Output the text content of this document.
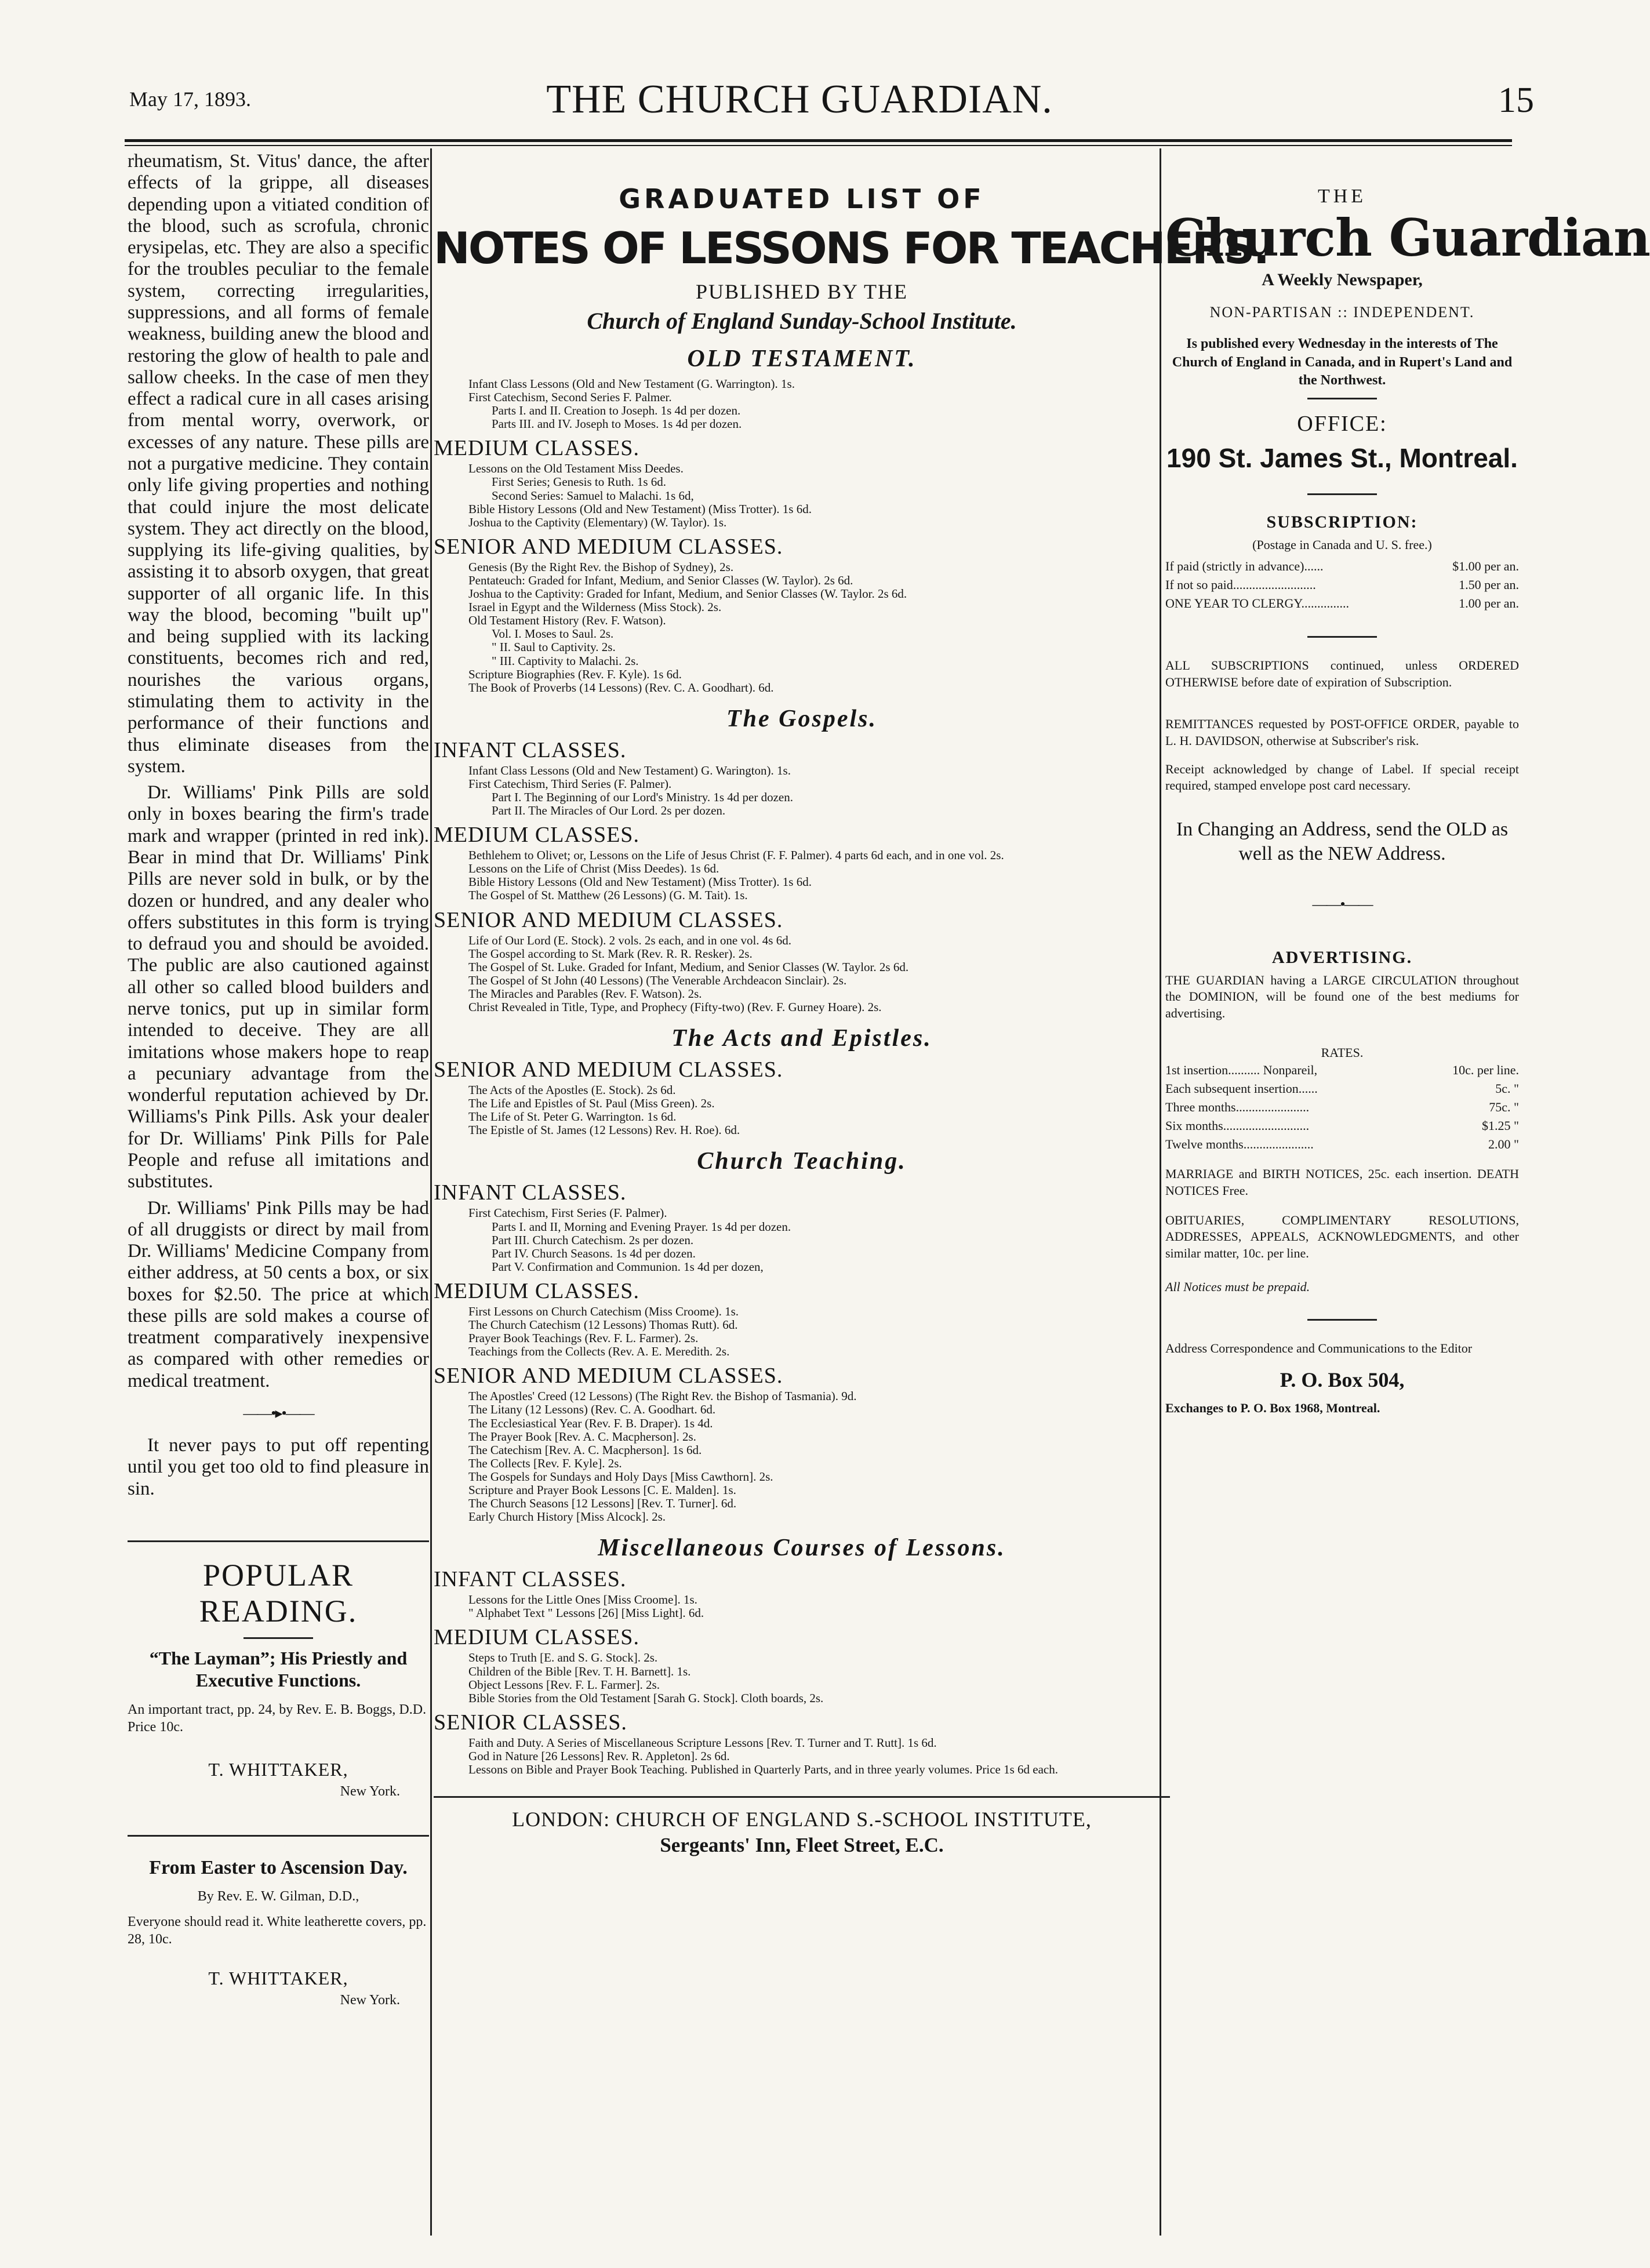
May 17, 1893.	THE CHURCH GUARDIAN.	15

rheumatism, St. Vitus' dance, the after effects of la grippe, all diseases depending upon a vitiated condition of the blood, such as scrofula, chronic erysipelas, etc. They are also a specific for the troubles peculiar to the female system, correcting irregularities, suppressions, and all forms of female weakness, building anew the blood and restoring the glow of health to pale and sallow cheeks. In the case of men they effect a radical cure in all cases arising from mental worry, overwork, or excesses of any nature. These pills are not a purgative medicine. They contain only life giving properties and nothing that could injure the most delicate system. They act directly on the blood, supplying its life-giving qualities, by assisting it to absorb oxygen, that great supporter of all organic life. In this way the blood, becoming "built up" and being supplied with its lacking constituents, becomes rich and red, nourishes the various organs, stimulating them to activity in the performance of their functions and thus eliminate diseases from the system.

Dr. Williams' Pink Pills are sold only in boxes bearing the firm's trade mark and wrapper (printed in red ink). Bear in mind that Dr. Williams' Pink Pills are never sold in bulk, or by the dozen or hundred, and any dealer who offers substitutes in this form is trying to defraud you and should be avoided. The public are also cautioned against all other so called blood builders and nerve tonics, put up in similar form intended to deceive. They are all imitations whose makers hope to reap a pecuniary advantage from the wonderful reputation achieved by Dr. Williams's Pink Pills. Ask your dealer for Dr. Williams' Pink Pills for Pale People and refuse all imitations and substitutes.

Dr. Williams' Pink Pills may be had of all druggists or direct by mail from Dr. Williams' Medicine Company from either address, at 50 cents a box, or six boxes for $2.50. The price at which these pills are sold makes a course of treatment comparatively inexpensive as compared with other remedies or medical treatment.

——•▸•——

It never pays to put off repenting until you get too old to find pleasure in sin.

POPULAR READING.
“The Layman”; His Priestly and Executive Functions.
An important tract, pp. 24, by Rev. E. B. Boggs, D.D. Price 10c.
T. WHITTAKER,
New York.
From Easter to Ascension Day.
By Rev. E. W. Gilman, D.D.,
Everyone should read it. White leatherette covers, pp. 28, 10c.
T. WHITTAKER,
New York.
GRADUATED LIST OF
NOTES OF LESSONS FOR TEACHERS.
PUBLISHED BY THE
Church of England Sunday-School Institute.
OLD TESTAMENT.
Infant Class Lessons (Old and New Testament (G. Warrington). 1s.
First Catechism, Second Series F. Palmer.
Parts I. and II. Creation to Joseph. 1s 4d per dozen.
Parts III. and IV. Joseph to Moses. 1s 4d per dozen.
MEDIUM CLASSES.
Lessons on the Old Testament Miss Deedes.
First Series; Genesis to Ruth. 1s 6d.
Second Series: Samuel to Malachi. 1s 6d,
Bible History Lessons (Old and New Testament) (Miss Trotter). 1s 6d.
Joshua to the Captivity (Elementary) (W. Taylor). 1s.
SENIOR AND MEDIUM CLASSES.
Genesis (By the Right Rev. the Bishop of Sydney), 2s.
Pentateuch: Graded for Infant, Medium, and Senior Classes (W. Taylor). 2s 6d.
Joshua to the Captivity: Graded for Infant, Medium, and Senior Classes (W. Taylor. 2s 6d.
Israel in Egypt and the Wilderness (Miss Stock). 2s.
Old Testament History (Rev. F. Watson).
Vol. I. Moses to Saul. 2s.
" II. Saul to Captivity. 2s.
" III. Captivity to Malachi. 2s.
Scripture Biographies (Rev. F. Kyle). 1s 6d.
The Book of Proverbs (14 Lessons) (Rev. C. A. Goodhart). 6d.
The Gospels.
INFANT CLASSES.
Infant Class Lessons (Old and New Testament) G. Warington). 1s.
First Catechism, Third Series (F. Palmer).
Part I. The Beginning of our Lord's Ministry. 1s 4d per dozen.
Part II. The Miracles of Our Lord. 2s per dozen.
MEDIUM CLASSES.
Bethlehem to Olivet; or, Lessons on the Life of Jesus Christ (F. F. Palmer). 4 parts 6d each, and in one vol. 2s.
Lessons on the Life of Christ (Miss Deedes). 1s 6d.
Bible History Lessons (Old and New Testament) (Miss Trotter). 1s 6d.
The Gospel of St. Matthew (26 Lessons) (G. M. Tait). 1s.
SENIOR AND MEDIUM CLASSES.
Life of Our Lord (E. Stock). 2 vols. 2s each, and in one vol. 4s 6d.
The Gospel according to St. Mark (Rev. R. R. Resker). 2s.
The Gospel of St. Luke. Graded for Infant, Medium, and Senior Classes (W. Taylor. 2s 6d.
The Gospel of St John (40 Lessons) (The Venerable Archdeacon Sinclair). 2s.
The Miracles and Parables (Rev. F. Watson). 2s.
Christ Revealed in Title, Type, and Prophecy (Fifty-two) (Rev. F. Gurney Hoare). 2s.
The Acts and Epistles.
SENIOR AND MEDIUM CLASSES.
The Acts of the Apostles (E. Stock). 2s 6d.
The Life and Epistles of St. Paul (Miss Green). 2s.
The Life of St. Peter G. Warrington. 1s 6d.
The Epistle of St. James (12 Lessons) Rev. H. Roe). 6d.
Church Teaching.
INFANT CLASSES.
First Catechism, First Series (F. Palmer).
Parts I. and II, Morning and Evening Prayer. 1s 4d per dozen.
Part III. Church Catechism. 2s per dozen.
Part IV. Church Seasons. 1s 4d per dozen.
Part V. Confirmation and Communion. 1s 4d per dozen,
MEDIUM CLASSES.
First Lessons on Church Catechism (Miss Croome). 1s.
The Church Catechism (12 Lessons) Thomas Rutt). 6d.
Prayer Book Teachings (Rev. F. L. Farmer). 2s.
Teachings from the Collects (Rev. A. E. Meredith. 2s.
SENIOR AND MEDIUM CLASSES.
The Apostles' Creed (12 Lessons) (The Right Rev. the Bishop of Tasmania). 9d.
The Litany (12 Lessons) (Rev. C. A. Goodhart. 6d.
The Ecclesiastical Year (Rev. F. B. Draper). 1s 4d.
The Prayer Book [Rev. A. C. Macpherson]. 2s.
The Catechism [Rev. A. C. Macpherson]. 1s 6d.
The Collects [Rev. F. Kyle]. 2s.
The Gospels for Sundays and Holy Days [Miss Cawthorn]. 2s.
Scripture and Prayer Book Lessons [C. E. Malden]. 1s.
The Church Seasons [12 Lessons] [Rev. T. Turner]. 6d.
Early Church History [Miss Alcock]. 2s.
Miscellaneous Courses of Lessons.
INFANT CLASSES.
Lessons for the Little Ones [Miss Croome]. 1s.
" Alphabet Text " Lessons [26] [Miss Light]. 6d.
MEDIUM CLASSES.
Steps to Truth [E. and S. G. Stock]. 2s.
Children of the Bible [Rev. T. H. Barnett]. 1s.
Object Lessons [Rev. F. L. Farmer]. 2s.
Bible Stories from the Old Testament [Sarah G. Stock]. Cloth boards, 2s.
SENIOR CLASSES.
Faith and Duty. A Series of Miscellaneous Scripture Lessons [Rev. T. Turner and T. Rutt]. 1s 6d.
God in Nature [26 Lessons] Rev. R. Appleton]. 2s 6d.
Lessons on Bible and Prayer Book Teaching. Published in Quarterly Parts, and in three yearly volumes. Price 1s 6d each.
LONDON: CHURCH OF ENGLAND S.-SCHOOL INSTITUTE,
Sergeants' Inn, Fleet Street, E.C.
THE
Church Guardian
A Weekly Newspaper,
NON-PARTISAN :: INDEPENDENT.
Is published every Wednesday in the interests of The Church of England in Canada, and in Rupert's Land and the Northwest.
OFFICE:
190 St. James St., Montreal.
SUBSCRIPTION:
(Postage in Canada and U. S. free.)
If paid (strictly in advance)......	$1.00 per an.
If not so paid..........................	1.50 per an.
ONE YEAR TO CLERGY...............	1.00 per an.
ALL SUBSCRIPTIONS continued, unless ORDERED OTHERWISE before date of expiration of Subscription.
REMITTANCES requested by POST-OFFICE ORDER, payable to L. H. DAVIDSON, otherwise at Subscriber's risk.
Receipt acknowledged by change of Label. If special receipt required, stamped envelope post card necessary.
In Changing an Address, send the OLD as well as the NEW Address.
——•——
ADVERTISING.
THE GUARDIAN having a LARGE CIRCULATION throughout the DOMINION, will be found one of the best mediums for advertising.
RATES.
1st insertion.......... Nonpareil,	10c. per line.
Each subsequent insertion......	5c. "
Three months.......................	75c. "
Six months...........................	$1.25 "
Twelve months......................	2.00 "
MARRIAGE and BIRTH NOTICES, 25c. each insertion. DEATH NOTICES Free.
OBITUARIES, COMPLIMENTARY RESOLUTIONS, ADDRESSES, APPEALS, ACKNOWLEDGMENTS, and other similar matter, 10c. per line.
All Notices must be prepaid.
Address Correspondence and Communications to the Editor
P. O. Box 504,
Exchanges to P. O. Box 1968, Montreal.
